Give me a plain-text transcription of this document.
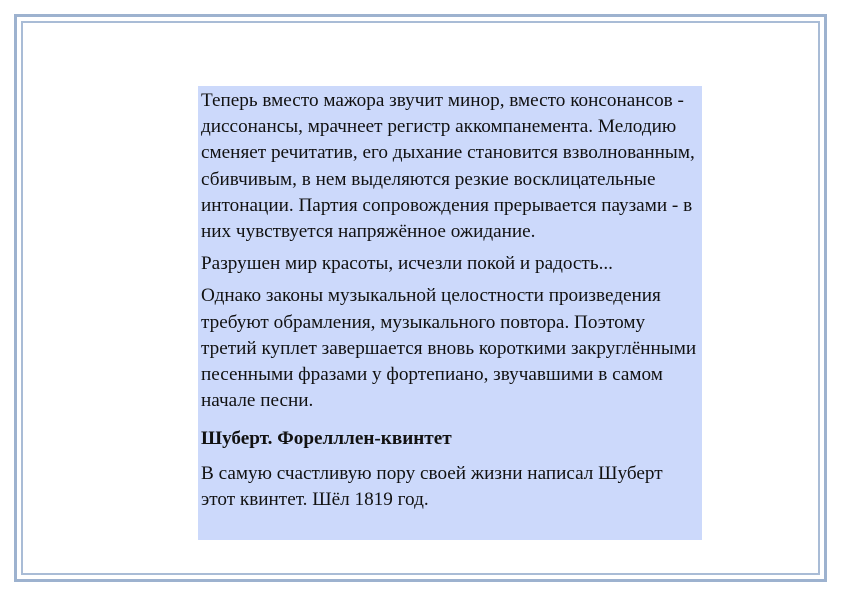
Теперь вместо мажора звучит минор, вместо консонансов - диссонансы, мрачнеет регистр аккомпанемента. Мелодию сменяет речитатив, его дыхание становится взволнованным, сбивчивым, в нем выделяются резкие восклицательные интонации. Партия сопровождения прерывается паузами - в них чувствуется напряжённое ожидание.

Разрушен мир красоты, исчезли покой и радость...

Однако законы музыкальной целостности произведения требуют обрамления, музыкального повтора. Поэтому третий куплет завершается вновь короткими закруглёнными песенными фразами у фортепиано, звучавшими в самом начале песни.

Шуберт. Форелллен-квинтет

В самую счастливую пору своей жизни написал Шуберт этот квинтет. Шёл 1819 год.
